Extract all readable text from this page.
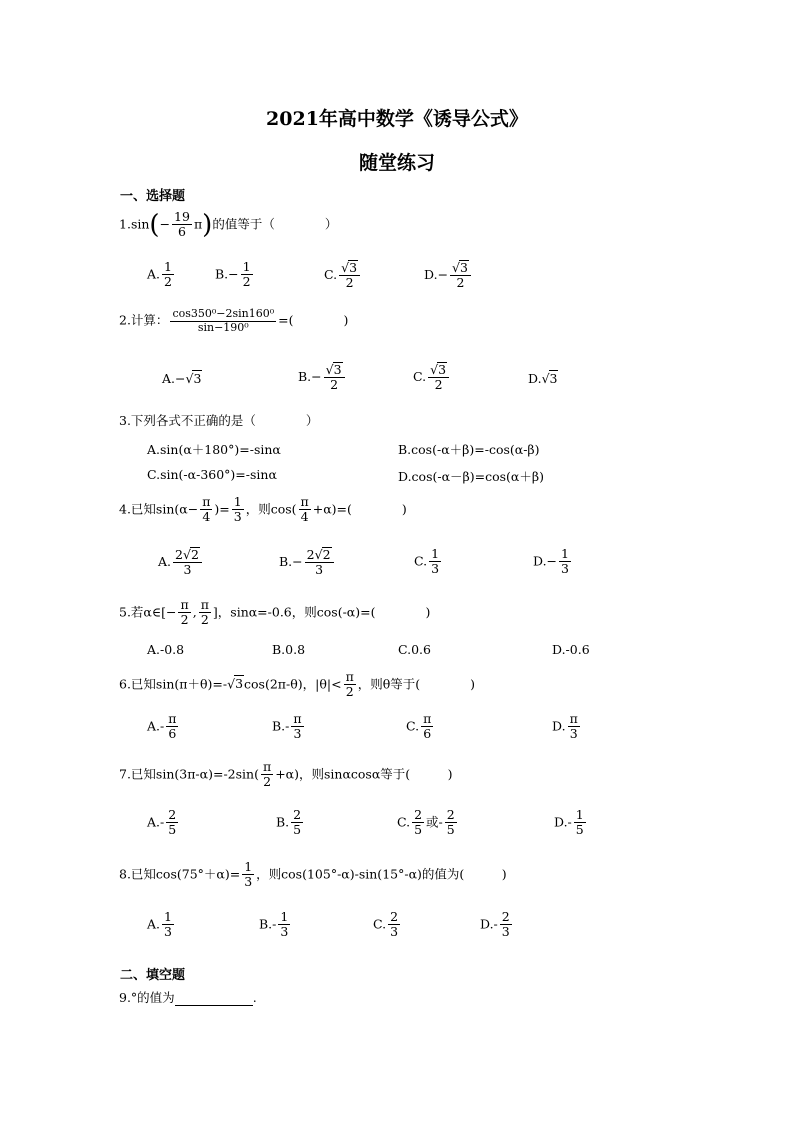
2021年高中数学《诱导公式》
随堂练习
一、选择题
$1.\sin(- \frac{19}{6} \pi)$的值等于（　　　　）
A. $\frac{1}{2}$	$B.- \frac{1}{2}$	C. $\frac{√3}{2}$	$D.- \frac{√3}{2}$
2.计算： $\frac{\text{cos350⁰−2sin160⁰}}{\text{sin−190⁰}}$ =(　　　　)
A.−√3	$B.- \frac{√3}{2}$	C. $\frac{√3}{2}$	D.√3
3.下列各式不正确的是（　　　　）
A.sin(α＋180°)=-sinα	B.cos(-α＋β)=-cos(α-β)
C.sin(-α-360°)=-sinα	D.cos(-α－β)=cos(α＋β)
4.已知$\sin(\alpha- \frac{\pi}{4}$ )= $\frac{1}{3}$ ，则$\cos( \frac{\pi}{4} +\alpha)=$(　　　　)
A. $\frac{2√2}{3}$	$B.- \frac{2√2}{3}$	C. $\frac{1}{3}$	$D.- \frac{1}{3}$
5.若α∈[− $\frac{\pi}{2}$ , $\frac{\pi}{2}$ ]，sinα=-0.6，则cos(-α)=(　　　　)
A.-0.8	B.0.8	C.0.6	D.-0.6
6.已知sin(π＋θ)=-√3cos(2π-θ)，$|\theta|< \frac{\pi}{2}$ ，则θ等于(　　　　)
$A.- \frac{\pi}{6}$	$B.- \frac{\pi}{3}$	C. $\frac{\pi}{6}$	D. $\frac{\pi}{3}$
7.已知$\sin(3\pi-\alpha)=-2\sin( \frac{\pi}{2} +\alpha)$，则sinαcosα等于(　　　)
$A.- \frac{2}{5}$	B. $\frac{2}{5}$	C. $\frac{2}{5}$ 或- $\frac{2}{5}$	$D.- \frac{1}{5}$
8.已知$\cos(75^\circ+\alpha)= \frac{1}{3}$ ，则cos(105°-α)-sin(15°-α)的值为(　　　)
A. $\frac{1}{3}$	$B.- \frac{1}{3}$	C. $\frac{2}{3}$	$D.- \frac{2}{3}$
二、填空题
9.°的值为	.
